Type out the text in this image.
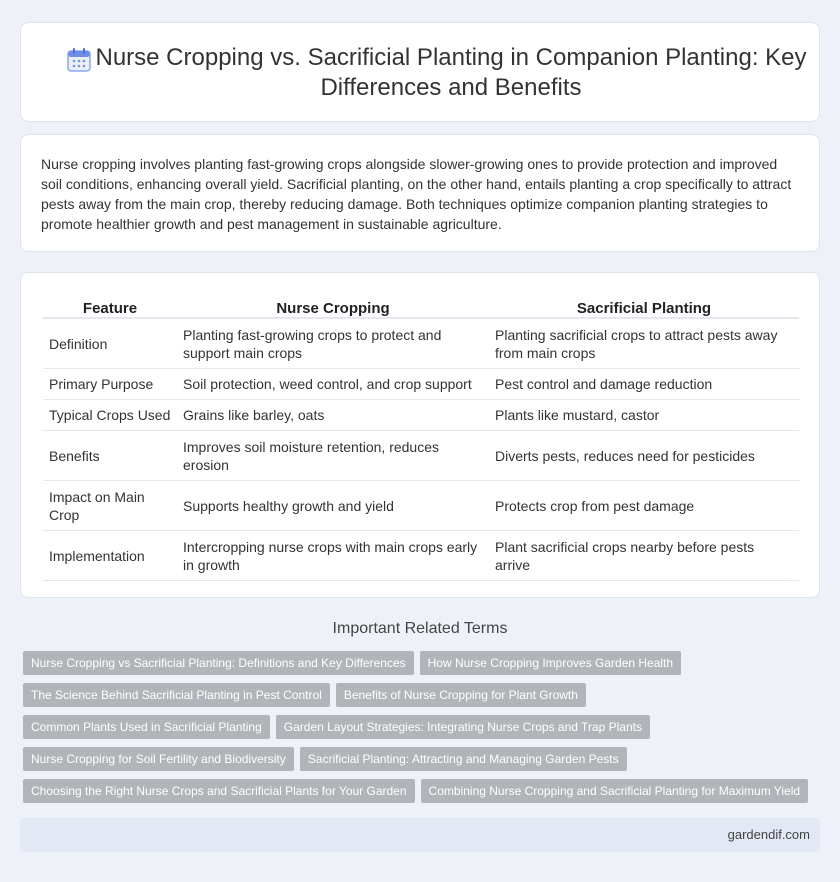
Nurse Cropping vs. Sacrificial Planting in Companion Planting: Key Differences and Benefits

Nurse cropping involves planting fast-growing crops alongside slower-growing ones to provide protection and improved soil conditions, enhancing overall yield. Sacrificial planting, on the other hand, entails planting a crop specifically to attract pests away from the main crop, thereby reducing damage. Both techniques optimize companion planting strategies to promote healthier growth and pest management in sustainable agriculture.

Feature	Nurse Cropping	Sacrificial Planting
Definition	Planting fast-growing crops to protect and support main crops	Planting sacrificial crops to attract pests away from main crops
Primary Purpose	Soil protection, weed control, and crop support	Pest control and damage reduction
Typical Crops Used	Grains like barley, oats	Plants like mustard, castor
Benefits	Improves soil moisture retention, reduces erosion	Diverts pests, reduces need for pesticides
Impact on Main Crop	Supports healthy growth and yield	Protects crop from pest damage
Implementation	Intercropping nurse crops with main crops early in growth	Plant sacrificial crops nearby before pests arrive
Important Related Terms
Nurse Cropping vs Sacrificial Planting: Definitions and Key Differences How Nurse Cropping Improves Garden Health
The Science Behind Sacrificial Planting in Pest Control Benefits of Nurse Cropping for Plant Growth
Common Plants Used in Sacrificial Planting Garden Layout Strategies: Integrating Nurse Crops and Trap Plants
Nurse Cropping for Soil Fertility and Biodiversity Sacrificial Planting: Attracting and Managing Garden Pests
Choosing the Right Nurse Crops and Sacrificial Plants for Your Garden Combining Nurse Cropping and Sacrificial Planting for Maximum Yield
gardendif.com
